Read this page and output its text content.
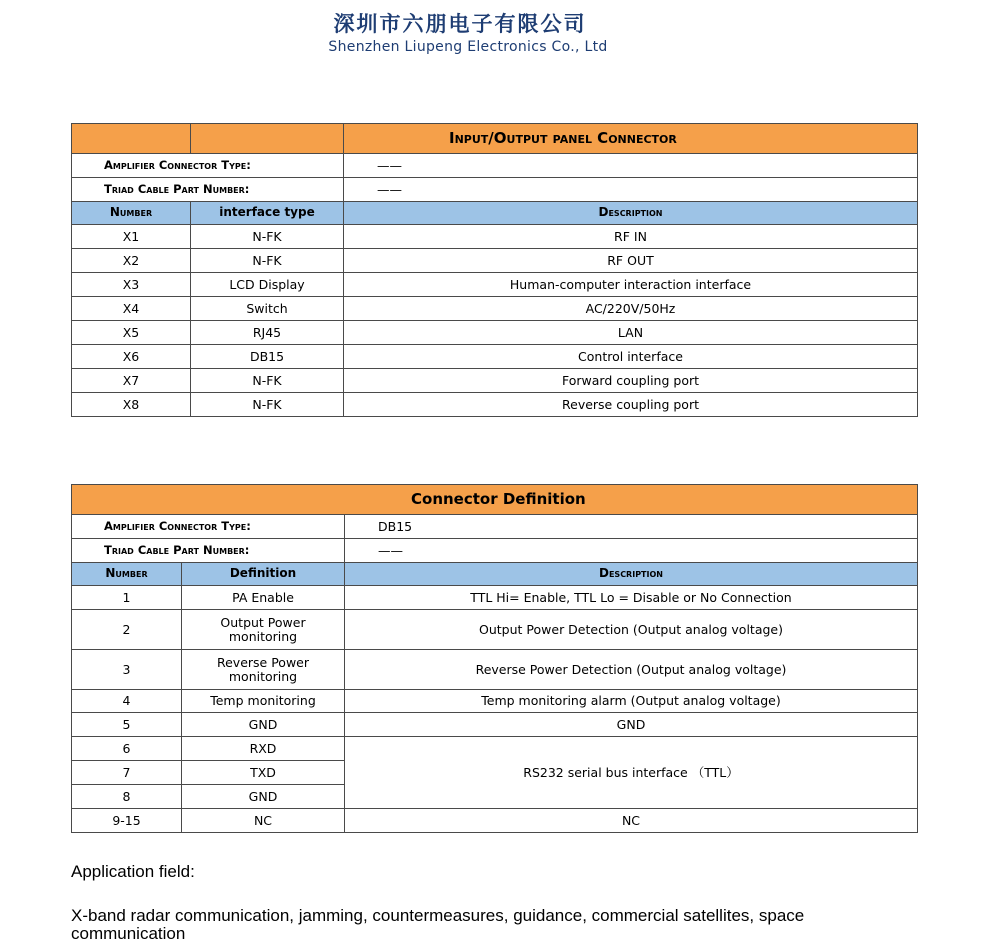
深圳市六朋电子有限公司
Shenzhen Liupeng Electronics Co., Ltd
		Input/Output panel Connector
Amplifier Connector Type:		——
Triad Cable Part Number:		——
Number	interface type	Description
X1	N-FK	RF IN
X2	N-FK	RF OUT
X3	LCD Display	Human-computer interaction interface
X4	Switch	AC/220V/50Hz
X5	RJ45	LAN
X6	DB15	Control interface
X7	N-FK	Forward coupling port
X8	N-FK	Reverse coupling port
Connector Definition		
Amplifier Connector Type:		DB15
Triad Cable Part Number:		——
Number	Definition	Description
1	PA Enable	TTL Hi= Enable, TTL Lo = Disable or No Connection
2	Output Power monitoring	Output Power Detection (Output analog voltage)
3	Reverse Power monitoring	Reverse Power Detection (Output analog voltage)
4	Temp monitoring	Temp monitoring alarm (Output analog voltage)
5	GND	GND
6	RXD	RS232 serial bus interface （TTL）
7	TXD	
8	GND	
9-15	NC	NC
Application field:
X-band radar communication, jamming, countermeasures, guidance, commercial satellites, space communication
